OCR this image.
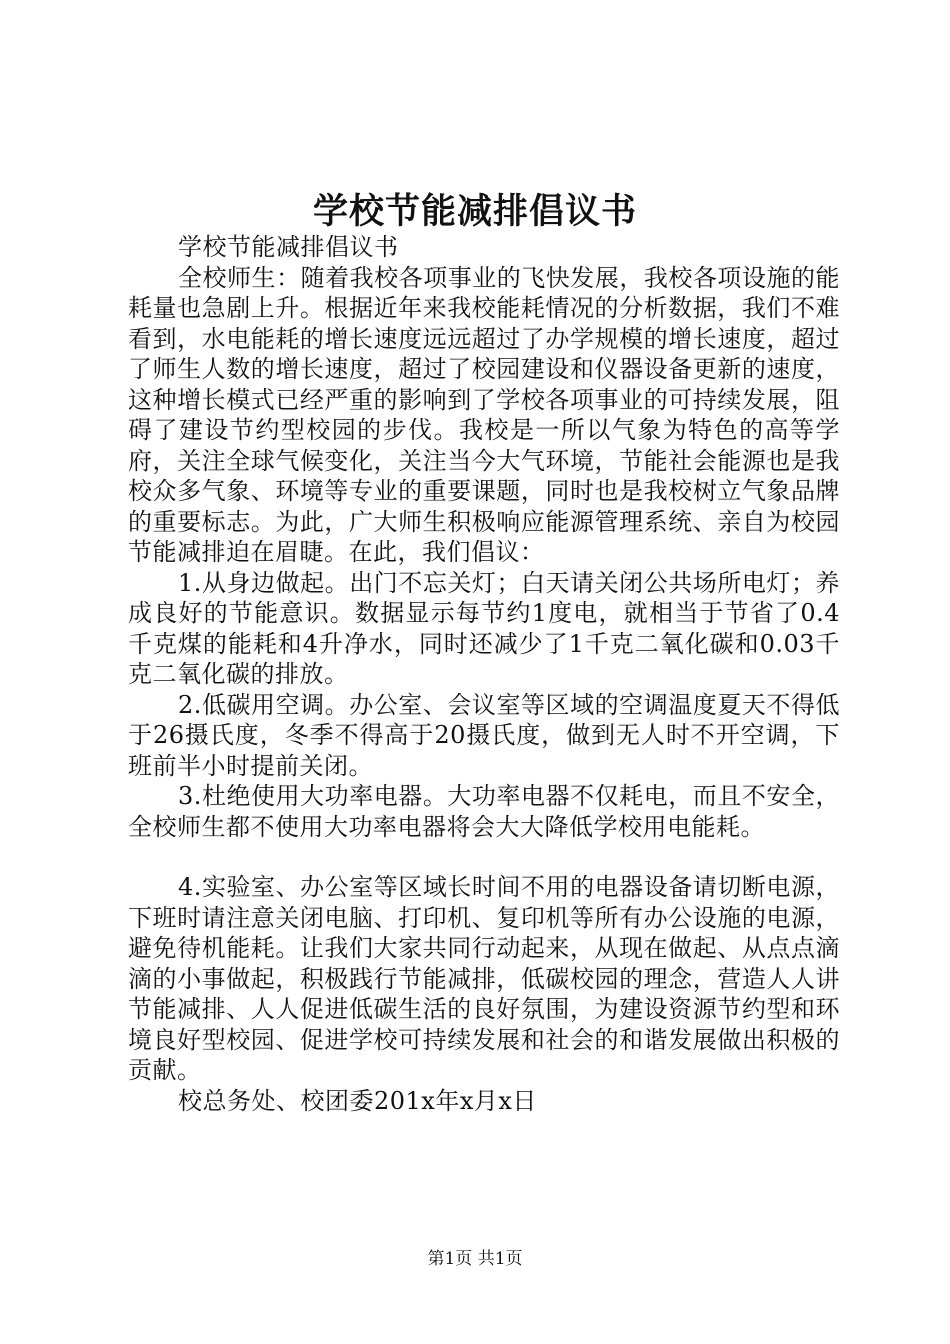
学校节能减排倡议书

学校节能减排倡议书

全校师生：随着我校各项事业的飞快发展，我校各项设施的能耗量也急剧上升。根据近年来我校能耗情况的分析数据，我们不难看到，水电能耗的增长速度远远超过了办学规模的增长速度，超过了师生人数的增长速度，超过了校园建设和仪器设备更新的速度，这种增长模式已经严重的影响到了学校各项事业的可持续发展，阻碍了建设节约型校园的步伐。我校是一所以气象为特色的高等学府，关注全球气候变化，关注当今大气环境，节能社会能源也是我校众多气象、环境等专业的重要课题，同时也是我校树立气象品牌的重要标志。为此，广大师生积极响应能源管理系统、亲自为校园节能减排迫在眉睫。在此，我们倡议：

1.从身边做起。出门不忘关灯；白天请关闭公共场所电灯；养成良好的节能意识。数据显示每节约1度电，就相当于节省了0.4千克煤的能耗和4升净水，同时还减少了1千克二氧化碳和0.03千克二氧化碳的排放。

2.低碳用空调。办公室、会议室等区域的空调温度夏天不得低于26摄氏度，冬季不得高于20摄氏度，做到无人时不开空调，下班前半小时提前关闭。

3.杜绝使用大功率电器。大功率电器不仅耗电，而且不安全，全校师生都不使用大功率电器将会大大降低学校用电能耗。

4.实验室、办公室等区域长时间不用的电器设备请切断电源，下班时请注意关闭电脑、打印机、复印机等所有办公设施的电源，避免待机能耗。让我们大家共同行动起来，从现在做起、从点点滴滴的小事做起，积极践行节能减排，低碳校园的理念，营造人人讲节能减排、人人促进低碳生活的良好氛围，为建设资源节约型和环境良好型校园、促进学校可持续发展和社会的和谐发展做出积极的贡献。

校总务处、校团委201x年x月x日

第1页 共1页
